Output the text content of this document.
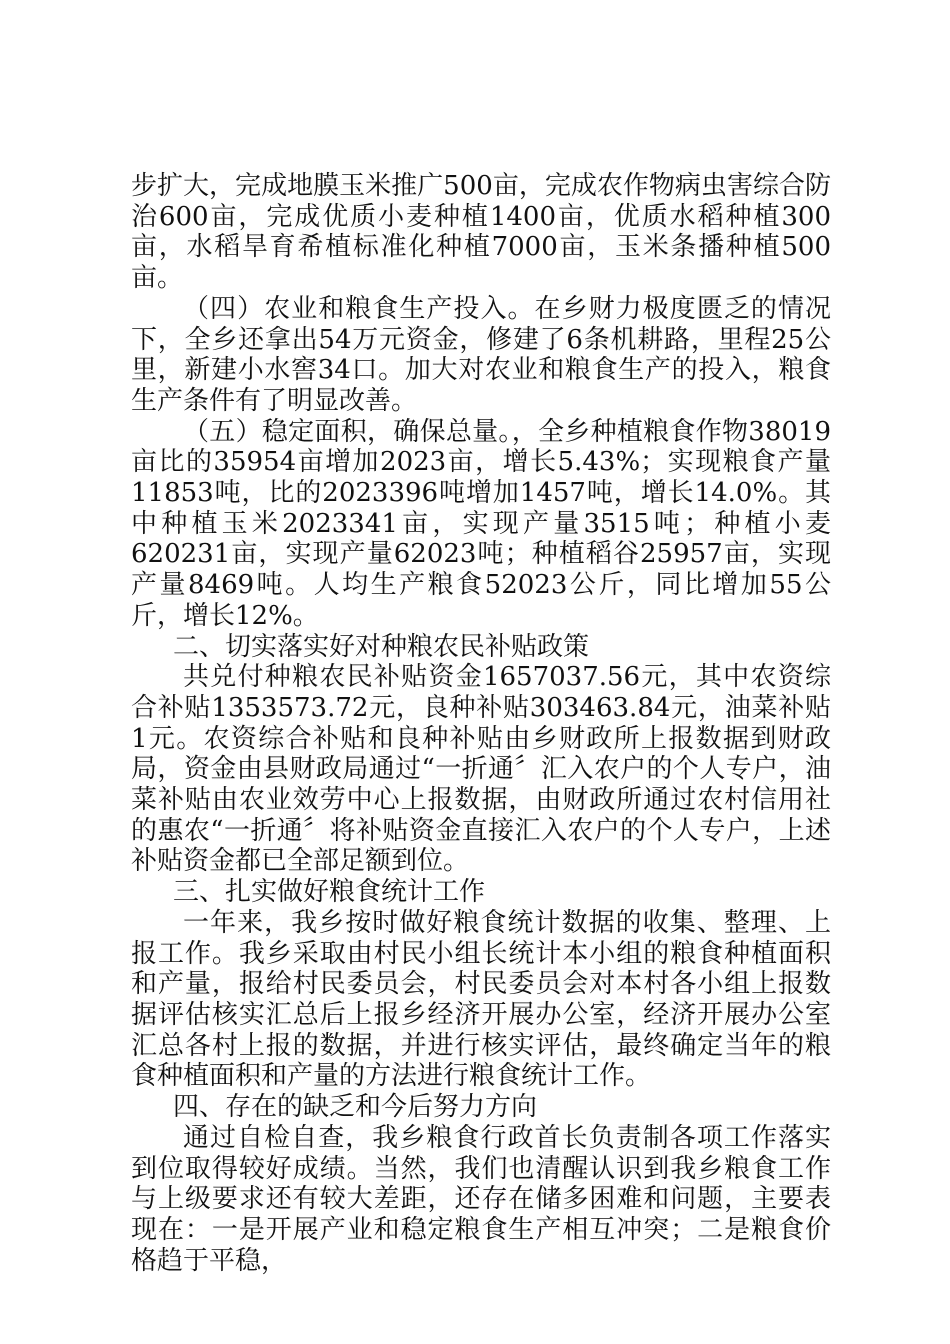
步扩大，完成地膜玉米推广500亩，完成农作物病虫害综合防治600亩，完成优质小麦种植1400亩，优质水稻种植300亩，水稻旱育希植标准化种植7000亩，玉米条播种植500亩。

（四）农业和粮食生产投入。在乡财力极度匮乏的情况下，全乡还拿出54万元资金，修建了6条机耕路，里程25公里，新建小水窖34口。加大对农业和粮食生产的投入，粮食生产条件有了明显改善。

（五）稳定面积，确保总量。，全乡种植粮食作物38019亩比的35954亩增加2023亩，增长5.43%；实现粮食产量11853吨，比的2023396吨增加1457吨，增长14.0%。其中种植玉米2023341亩，实现产量3515吨；种植小麦620231亩，实现产量62023吨；种植稻谷25957亩，实现产量8469吨。人均生产粮食52023公斤，同比增加55公斤，增长12%。

二、切实落实好对种粮农民补贴政策

共兑付种粮农民补贴资金1657037.56元，其中农资综合补贴1353573.72元，良种补贴303463.84元，油菜补贴1元。农资综合补贴和良种补贴由乡财政所上报数据到财政局，资金由县财政局通过“一折通〞汇入农户的个人专户，油菜补贴由农业效劳中心上报数据，由财政所通过农村信用社的惠农“一折通〞将补贴资金直接汇入农户的个人专户，上述补贴资金都已全部足额到位。

三、扎实做好粮食统计工作

一年来，我乡按时做好粮食统计数据的收集、整理、上报工作。我乡采取由村民小组长统计本小组的粮食种植面积和产量，报给村民委员会，村民委员会对本村各小组上报数据评估核实汇总后上报乡经济开展办公室，经济开展办公室汇总各村上报的数据，并进行核实评估，最终确定当年的粮食种植面积和产量的方法进行粮食统计工作。

四、存在的缺乏和今后努力方向

通过自检自查，我乡粮食行政首长负责制各项工作落实到位取得较好成绩。当然，我们也清醒认识到我乡粮食工作与上级要求还有较大差距，还存在储多困难和问题，主要表现在：一是开展产业和稳定粮食生产相互冲突；二是粮食价格趋于平稳，
